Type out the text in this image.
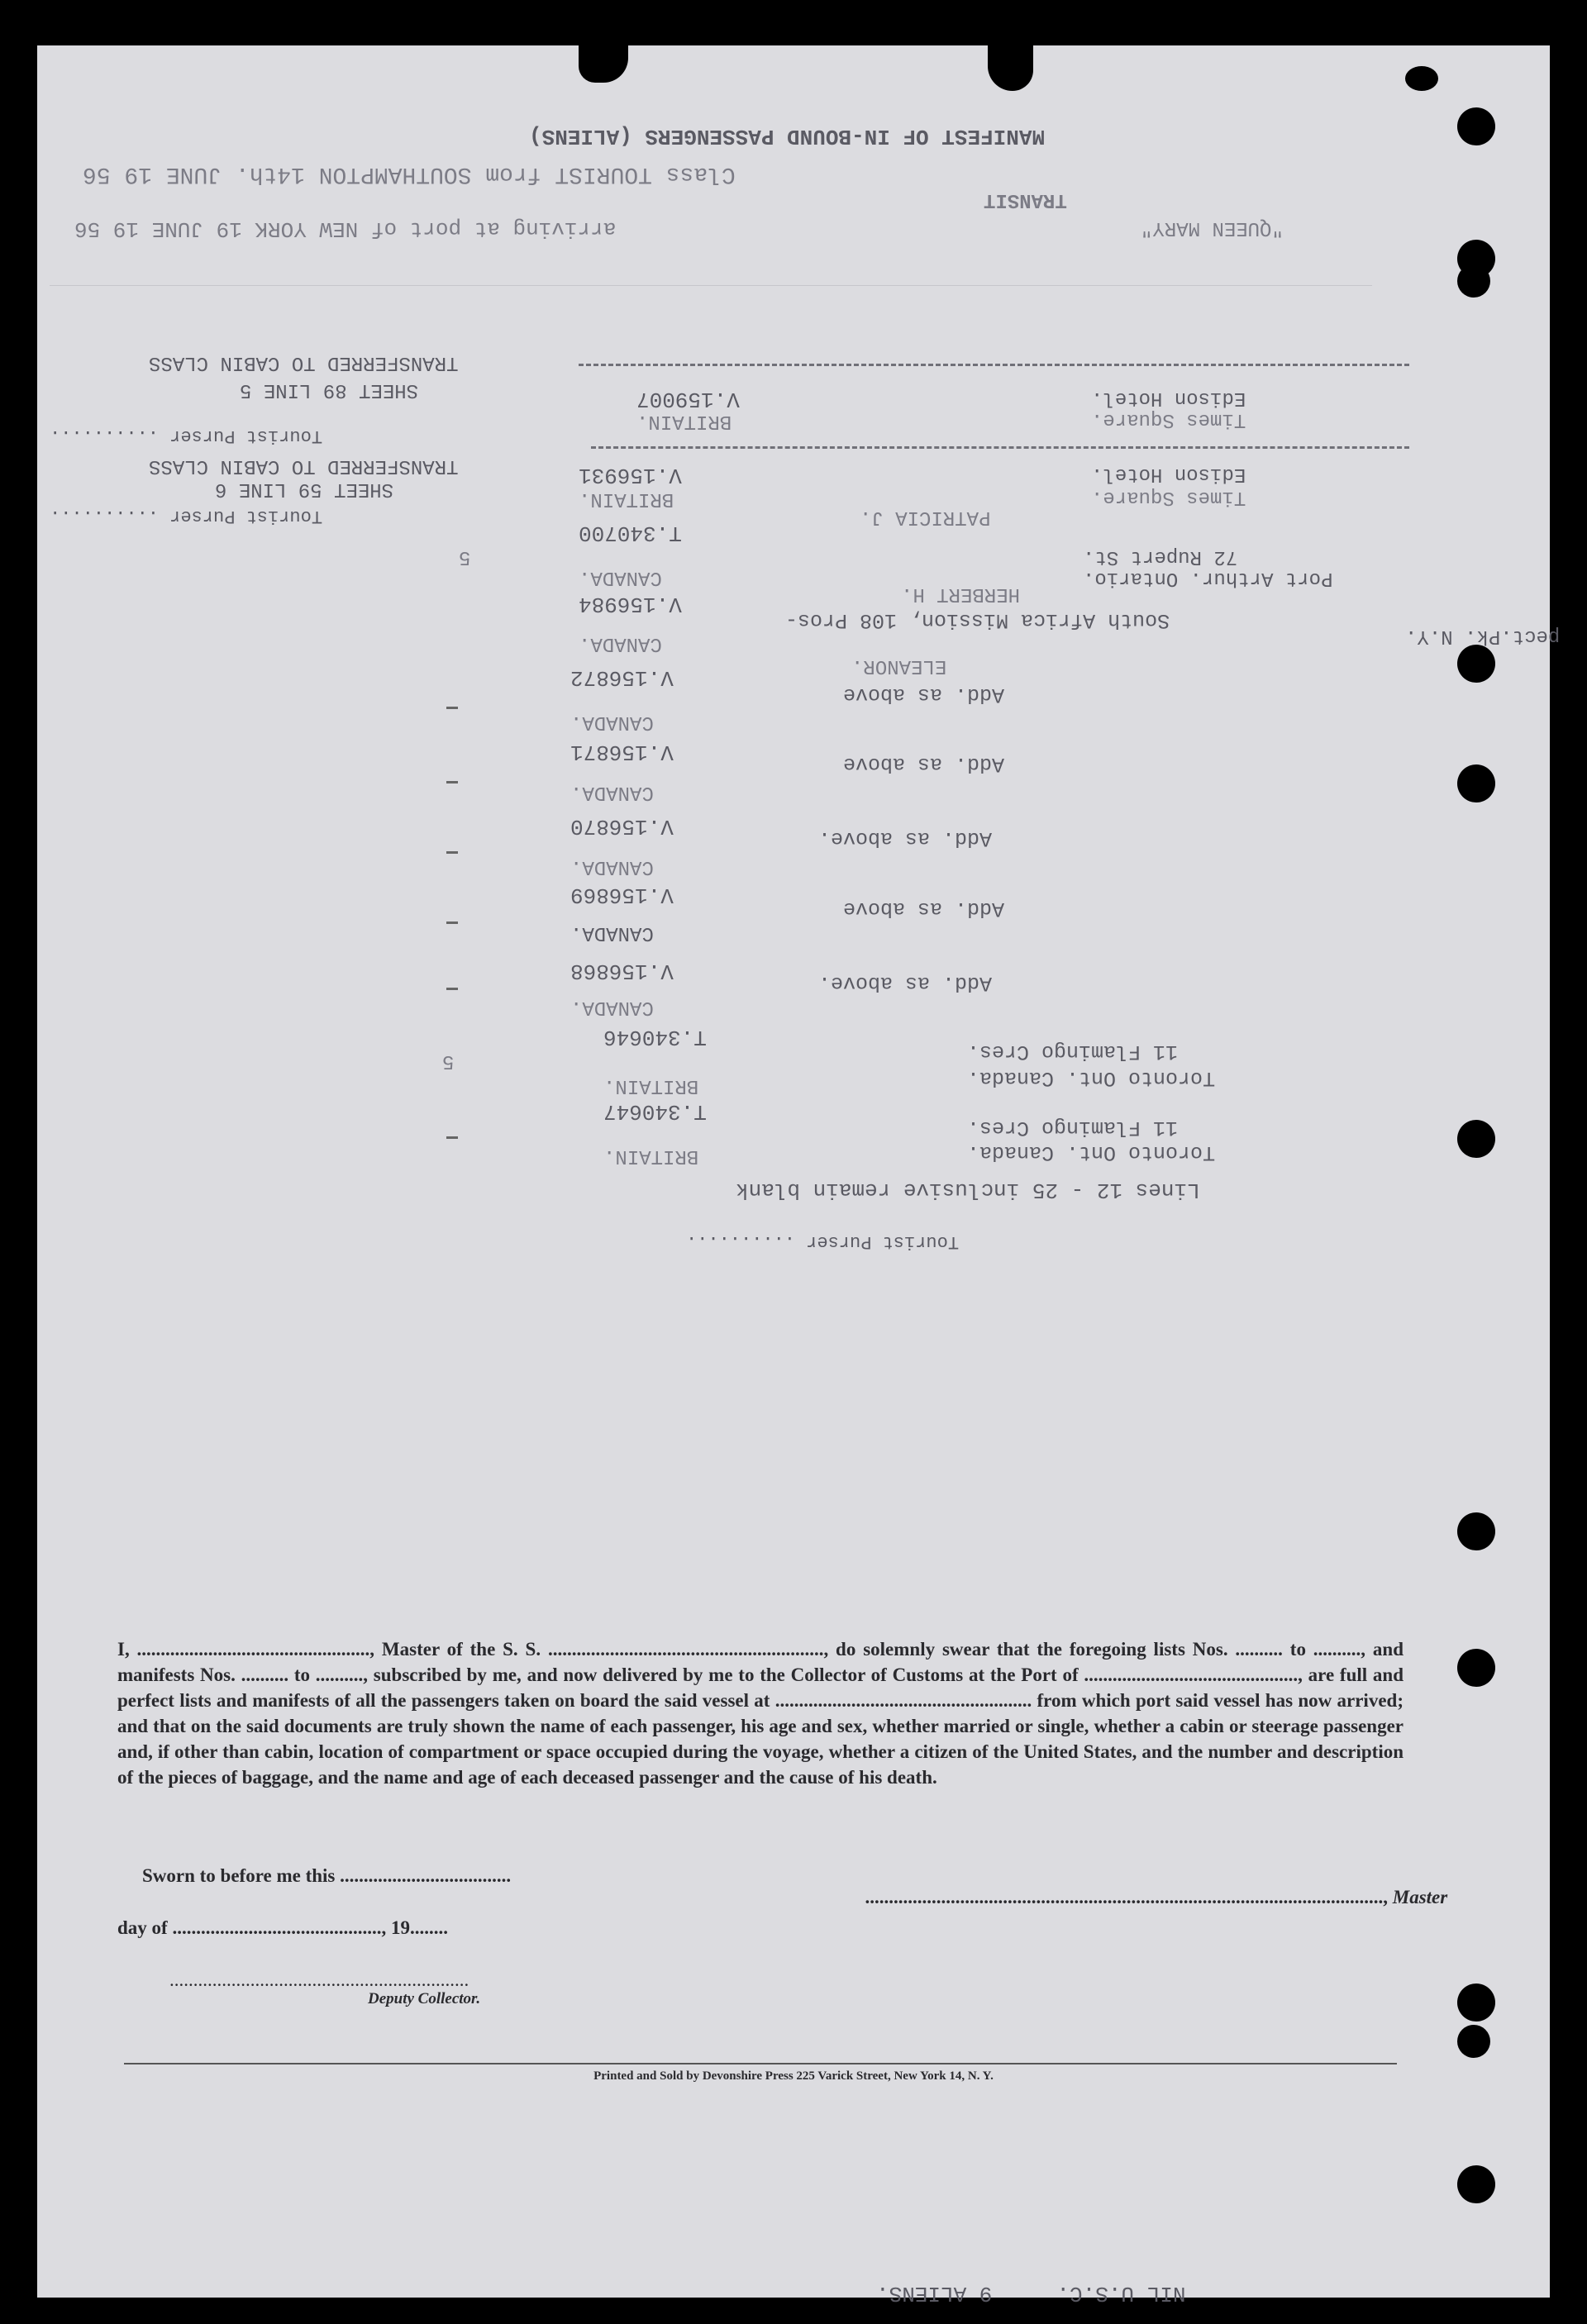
MANIFEST OF IN-BOUND PASSENGERS (ALIENS)
Class TOURIST from SOUTHAMPTON 14th. JUNE 19 56
TRANSIT
arriving at port of NEW YORK 19 JUNE 19 56	"QUEEN MARY"
TRANSFERRED TO CABIN CLASS
SHEET 89 LINE 5
Tourist Purser ..........
TRANSFERRED TO CABIN CLASS
SHEET 59 LINE 6
Tourist Purser ..........
Edison Hotel.
Times Square.
V.159007
BRITAIN.
Edison Hotel.
Times Square.
V.156931
BRITAIN.
PATRICIA J.
72 Rupert St.
Port Arthur. Ontario.
T.340700
CANADA.
5
HERBERT H.
South Africa Mission, 108 Pros-
V.156984
CANADA.	pect.Pk. N.Y.
ELEANOR.
Add. as above
V.156872
CANADA.
Add. as above
V.156871
CANADA.
Add. as above.
V.156870
CANADA.
Add. as above
V.156869
CANADA.
Add. as above.
V.156868
CANADA.
T.340646
11 Flamingo Cres.
Toronto Ont. Canada.
BRITAIN.
5
T.340647
11 Flamingo Cres.
Toronto Ont. Canada.
BRITAIN.
Lines 12 - 25 inclusive remain blank
Tourist Purser ..........
I, ................................................., Master of the S. S. .........................................................., do solemnly swear that the foregoing lists Nos. .......... to .........., and manifests Nos. .......... to .........., subscribed by me, and now delivered by me to the Collector of Customs at the Port of ............................................., are full and perfect lists and manifests of all the passengers taken on board the said vessel at ...................................................... from which port said vessel has now arrived; and that on the said documents are truly shown the name of each passenger, his age and sex, whether married or single, whether a cabin or steerage passenger and, if other than cabin, location of compartment or space occupied during the voyage, whether a citizen of the United States, and the number and description of the pieces of baggage, and the name and age of each deceased passenger and the cause of his death.
Sworn to before me this ....................................

............................................................................................................., Master

day of ............................................, 19........
...............................................................
Deputy Collector.
Printed and Sold by Devonshire Press 225 Varick Street, New York 14, N. Y.
NIL U.S.C.     9 ALIENS.
